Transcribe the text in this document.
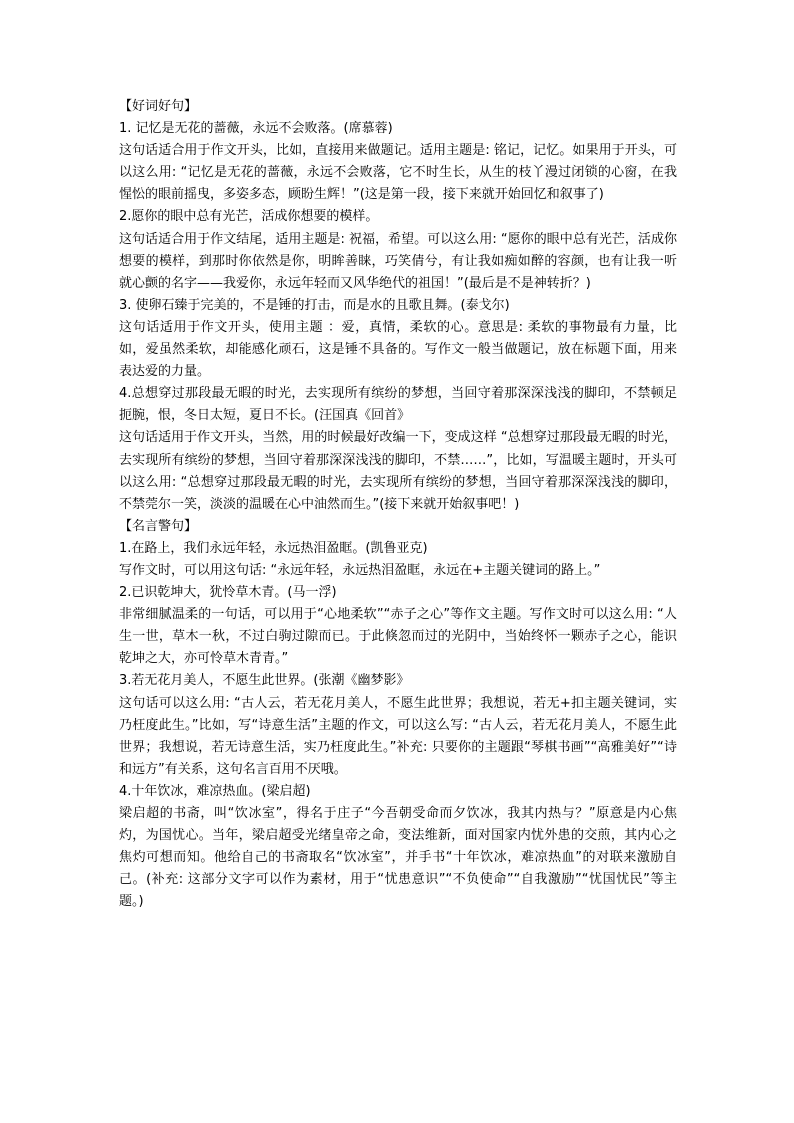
【好词好句】

1. 记忆是无花的蔷薇，永远不会败落。(席慕蓉)

这句话适合用于作文开头，比如，直接用来做题记。适用主题是: 铭记，记忆。如果用于开头，可以这么用: “记忆是无花的蔷薇，永远不会败落，它不时生长，从生的枝丫漫过闭锁的心窗，在我惺忪的眼前摇曳，多姿多态，顾盼生辉！”(这是第一段，接下来就开始回忆和叙事了)

2.愿你的眼中总有光芒，活成你想要的模样。

这句话适合用于作文结尾，适用主题是: 祝福，希望。可以这么用: “愿你的眼中总有光芒，活成你想要的模样，到那时你依然是你，明眸善睐，巧笑倩兮，有让我如痴如醉的容颜，也有让我一听就心颤的名字——我爱你，永远年轻而又风华绝代的祖国！”(最后是不是神转折？)

3. 使卵石臻于完美的，不是锤的打击，而是水的且歌且舞。(泰戈尔)

这句话适用于作文开头，使用主题 ：爱，真情，柔软的心。意思是: 柔软的事物最有力量，比如，爱虽然柔软，却能感化顽石，这是锤不具备的。写作文一般当做题记，放在标题下面，用来表达爱的力量。

4.总想穿过那段最无暇的时光，去实现所有缤纷的梦想，当回守着那深深浅浅的脚印，不禁顿足扼腕，恨，冬日太短，夏日不长。(汪国真《回首》

这句话适用于作文开头，当然，用的时候最好改编一下，变成这样 “总想穿过那段最无暇的时光，去实现所有缤纷的梦想，当回守着那深深浅浅的脚印，不禁……”，比如，写温暖主题时，开头可以这么用: “总想穿过那段最无暇的时光，去实现所有缤纷的梦想，当回守着那深深浅浅的脚印，不禁莞尔一笑，淡淡的温暖在心中油然而生。”(接下来就开始叙事吧！)

【名言警句】

1.在路上，我们永远年轻，永远热泪盈眶。(凯鲁亚克)

写作文时，可以用这句话: “永远年轻，永远热泪盈眶，永远在+主题关键词的路上。”

2.已识乾坤大，犹怜草木青。(马一浮)

非常细腻温柔的一句话，可以用于“心地柔软”“赤子之心”等作文主题。写作文时可以这么用: “人生一世，草木一秋，不过白驹过隙而已。于此倏忽而过的光阴中，当始终怀一颗赤子之心，能识乾坤之大，亦可怜草木青青。”

3.若无花月美人，不愿生此世界。(张潮《幽梦影》

这句话可以这么用: “古人云，若无花月美人，不愿生此世界；我想说，若无+扣主题关键词，实乃枉度此生。”比如，写“诗意生活”主题的作文，可以这么写: “古人云，若无花月美人，不愿生此世界；我想说，若无诗意生活，实乃枉度此生。”补充: 只要你的主题跟“琴棋书画”“高雅美好”“诗和远方”有关系，这句名言百用不厌哦。

4.十年饮冰，难凉热血。(梁启超)

梁启超的书斋，叫“饮冰室”，得名于庄子“今吾朝受命而夕饮冰，我其内热与？”原意是内心焦灼，为国忧心。当年，梁启超受光绪皇帝之命，变法维新，面对国家内忧外患的交煎，其内心之焦灼可想而知。他给自己的书斋取名“饮冰室”，并手书“十年饮冰，难凉热血”的对联来激励自己。(补充: 这部分文字可以作为素材，用于“忧患意识”“不负使命”“自我激励”“忧国忧民”等主题。)
